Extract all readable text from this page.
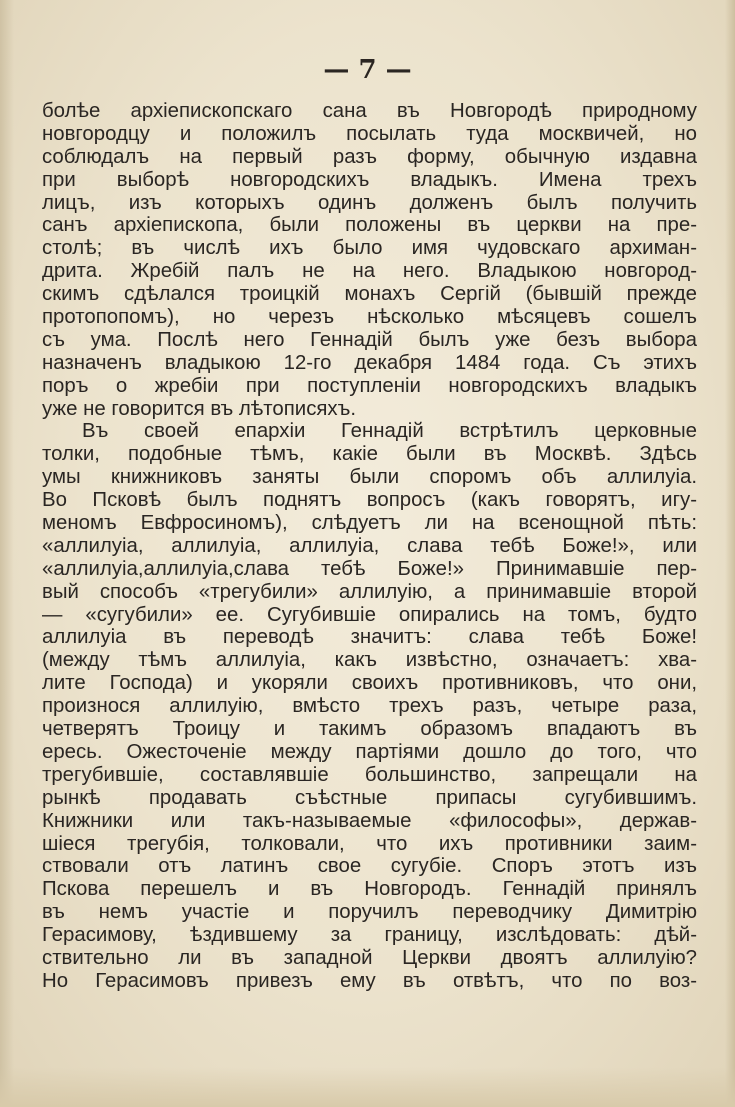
— 7 —
болѣе архіепископскаго сана въ Новгородѣ природному
новгородцу и положилъ посылать туда москвичей, но
соблюдалъ на первый разъ форму, обычную издавна
при выборѣ новгородскихъ владыкъ. Имена трехъ
лицъ, изъ которыхъ одинъ долженъ былъ получить
санъ архіепископа, были положены въ церкви на пре-
столѣ; въ числѣ ихъ было имя чудовскаго архиман-
дрита. Жребій палъ не на него. Владыкою новгород-
скимъ сдѣлался троицкій монахъ Сергій (бывшій прежде
протопопомъ), но черезъ нѣсколько мѣсяцевъ сошелъ
съ ума. Послѣ него Геннадій былъ уже безъ выбора
назначенъ владыкою 12-го декабря 1484 года. Съ этихъ
поръ о жребіи при поступленіи новгородскихъ владыкъ
уже не говорится въ лѣтописяхъ.
Въ своей епархіи Геннадій встрѣтилъ церковные
толки, подобные тѣмъ, какіе были въ Москвѣ. Здѣсь
умы книжниковъ заняты были споромъ объ аллилуіа.
Во Псковѣ былъ поднятъ вопросъ (какъ говорятъ, игу-
меномъ Евфросиномъ), слѣдуетъ ли на всенощной пѣть:
«аллилуіа, аллилуіа, аллилуіа, слава тебѣ Боже!», или
«аллилуіа,аллилуіа,слава тебѣ Боже!» Принимавшіе пер-
вый способъ «трегубили» аллилуію, а принимавшіе второй
— «сугубили» ее. Сугубившіе опирались на томъ, будто
аллилуіа въ переводѣ значитъ: слава тебѣ Боже!
(между тѣмъ аллилуіа, какъ извѣстно, означаетъ: хва-
лите Господа) и укоряли своихъ противниковъ, что они,
произнося аллилуію, вмѣсто трехъ разъ, четыре раза,
четверятъ Троицу и такимъ образомъ впадаютъ въ
ересь. Ожесточеніе между партіями дошло до того, что
трегубившіе, составлявшіе большинство, запрещали на
рынкѣ продавать съѣстные припасы сугубившимъ.
Книжники или такъ-называемые «философы», держав-
шіеся трегубія, толковали, что ихъ противники заим-
ствовали отъ латинъ свое сугубіе. Споръ этотъ изъ
Пскова перешелъ и въ Новгородъ. Геннадій принялъ
въ немъ участіе и поручилъ переводчику Димитрію
Герасимову, ѣздившему за границу, изслѣдовать: дѣй-
ствительно ли въ западной Церкви двоятъ аллилуію?
Но Герасимовъ привезъ ему въ отвѣтъ, что по воз-
